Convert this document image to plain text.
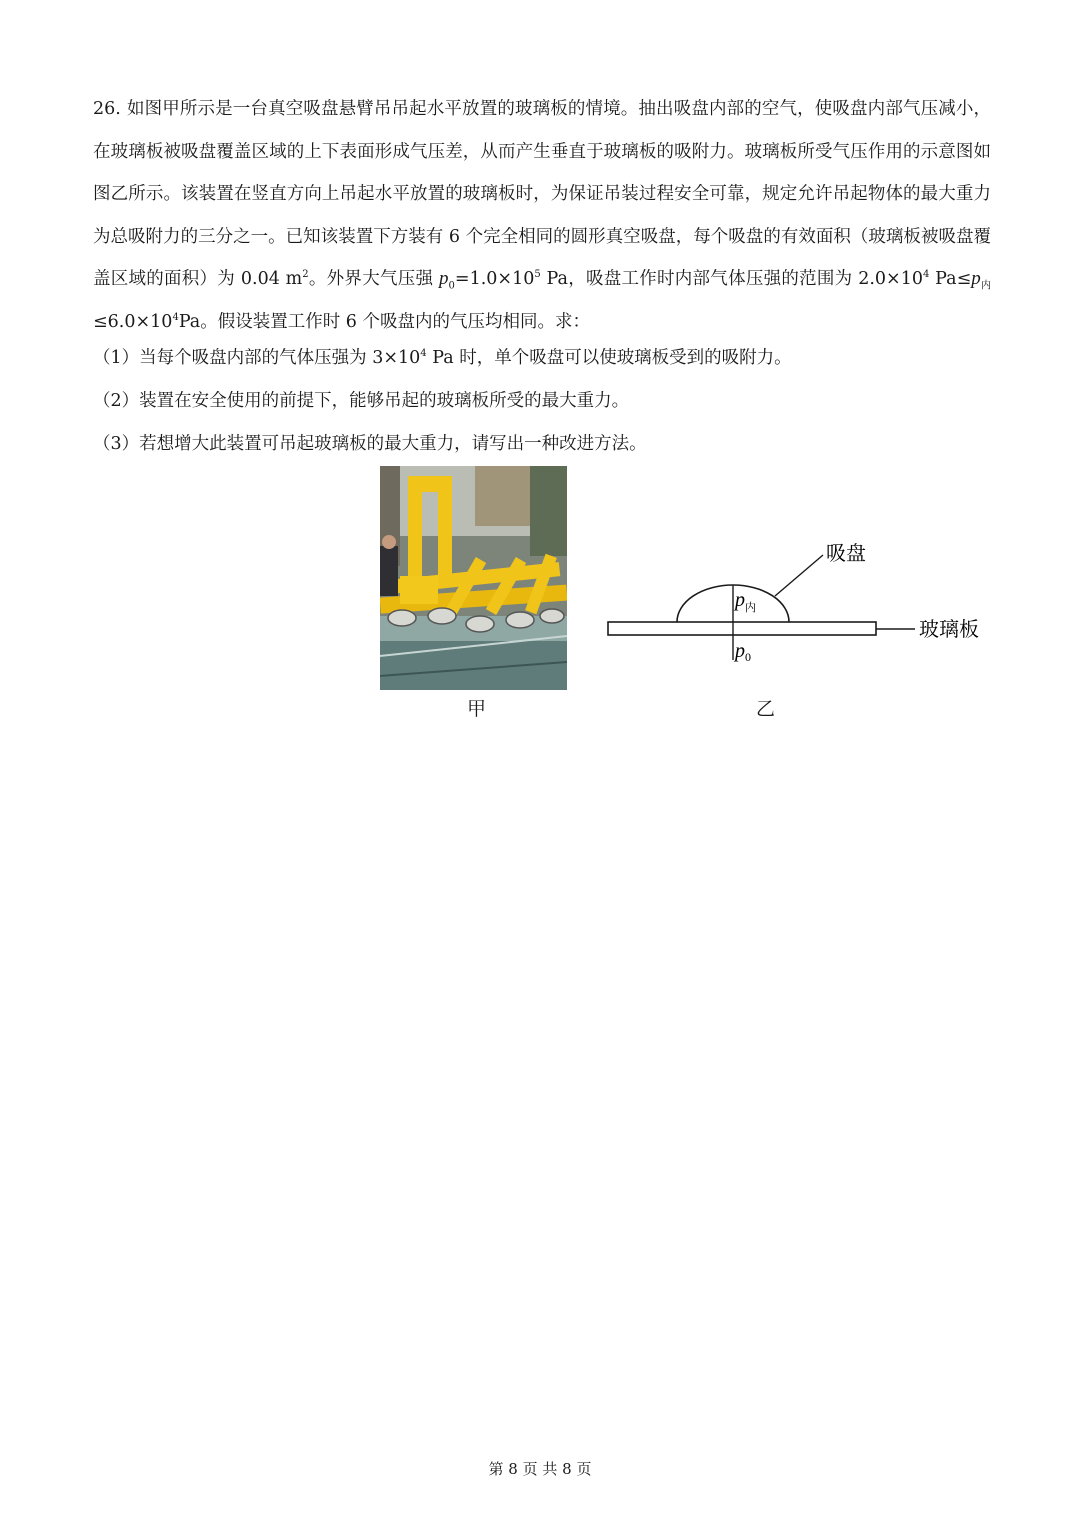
26. 如图甲所示是一台真空吸盘悬臂吊吊起水平放置的玻璃板的情境。抽出吸盘内部的空气，使吸盘内部气压减小，在玻璃板被吸盘覆盖区域的上下表面形成气压差，从而产生垂直于玻璃板的吸附力。玻璃板所受气压作用的示意图如图乙所示。该装置在竖直方向上吊起水平放置的玻璃板时，为保证吊装过程安全可靠，规定允许吊起物体的最大重力为总吸附力的三分之一。已知该装置下方装有 6 个完全相同的圆形真空吸盘，每个吸盘的有效面积（玻璃板被吸盘覆盖区域的面积）为 0.04 $m^2$。外界大气压强 $p_0=1.0\times 10^5$ Pa，吸盘工作时内部气体压强的范围为 $2.0\times 10^4$ $Pa\le p_内\le 6.0\times 10^4Pa$。假设装置工作时 6 个吸盘内的气压均相同。求：

（1）当每个吸盘内部的气体压强为 $3\times 10^4$ Pa 时，单个吸盘可以使玻璃板受到的吸附力。
（2）装置在安全使用的前提下，能够吊起的玻璃板所受的最大重力。
（3）若想增大此装置可吊起玻璃板的最大重力，请写出一种改进方法。
甲
吸盘
玻璃板
$p_内$
$p_0$
乙
第 8 页 共 8 页
